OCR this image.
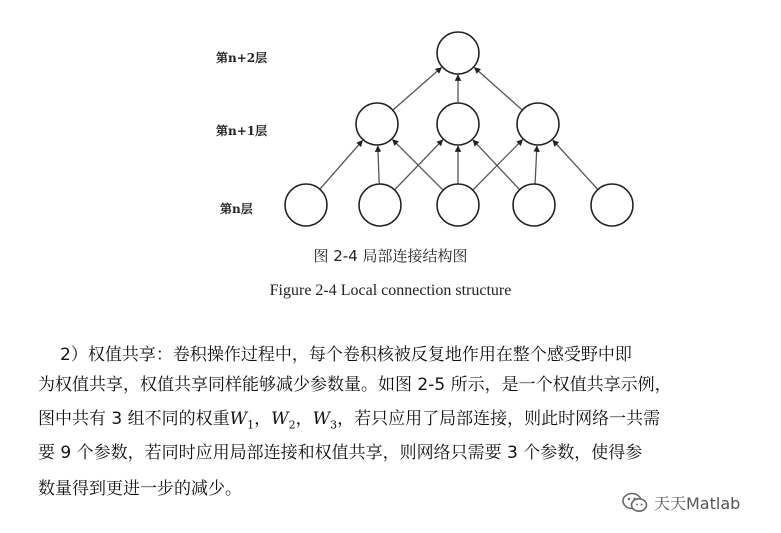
第n+2层
第n+1层
第n层
图 2-4 局部连接结构图
Figure 2-4 Local connection structure
2）权值共享：卷积操作过程中，每个卷积核被反复地作用在整个感受野中即
为权值共享，权值共享同样能够减少参数量。如图 2-5 所示，是一个权值共享示例，
图中共有 3 组不同的权重$W_1$，$W_2$，$W_3$，若只应用了局部连接，则此时网络一共需
要 9 个参数，若同时应用局部连接和权值共享，则网络只需要 3 个参数，使得参
数量得到更进一步的减少。
天天Matlab
